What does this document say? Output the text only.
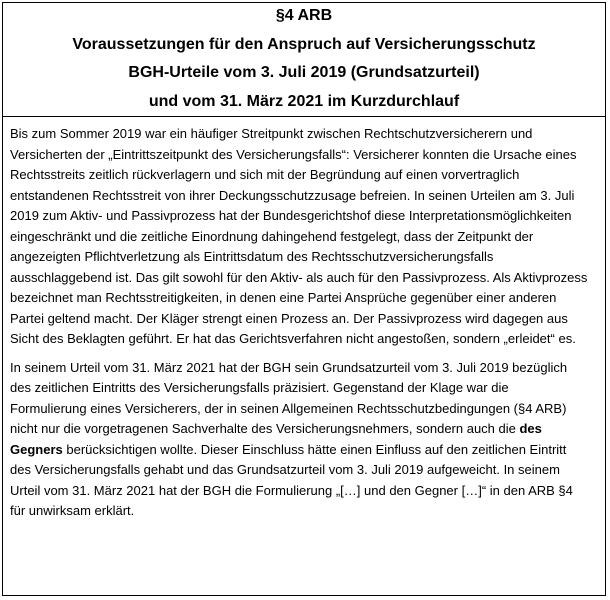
§4 ARB
Voraussetzungen für den Anspruch auf Versicherungsschutz
BGH-Urteile vom 3. Juli 2019 (Grundsatzurteil)
und vom 31. März 2021 im Kurzdurchlauf

Bis zum Sommer 2019 war ein häufiger Streitpunkt zwischen Rechtschutzversicherern und
Versicherten der „Eintrittszeitpunkt des Versicherungsfalls“: Versicherer konnten die Ursache eines
Rechtsstreits zeitlich rückverlagern und sich mit der Begründung auf einen vorvertraglich
entstandenen Rechtsstreit von ihrer Deckungsschutzzusage befreien. In seinen Urteilen am 3. Juli
2019 zum Aktiv- und Passivprozess hat der Bundesgerichtshof diese Interpretationsmöglichkeiten
eingeschränkt und die zeitliche Einordnung dahingehend festgelegt, dass der Zeitpunkt der
angezeigten Pflichtverletzung als Eintrittsdatum des Rechtsschutzversicherungsfalls
ausschlaggebend ist. Das gilt sowohl für den Aktiv- als auch für den Passivprozess. Als Aktivprozess
bezeichnet man Rechtsstreitigkeiten, in denen eine Partei Ansprüche gegenüber einer anderen
Partei geltend macht. Der Kläger strengt einen Prozess an. Der Passivprozess wird dagegen aus
Sicht des Beklagten geführt. Er hat das Gerichtsverfahren nicht angestoßen, sondern „erleidet“ es.

In seinem Urteil vom 31. März 2021 hat der BGH sein Grundsatzurteil vom 3. Juli 2019 bezüglich
des zeitlichen Eintritts des Versicherungsfalls präzisiert. Gegenstand der Klage war die
Formulierung eines Versicherers, der in seinen Allgemeinen Rechtsschutzbedingungen (§4 ARB)
nicht nur die vorgetragenen Sachverhalte des Versicherungsnehmers, sondern auch die des
Gegners berücksichtigen wollte. Dieser Einschluss hätte einen Einfluss auf den zeitlichen Eintritt
des Versicherungsfalls gehabt und das Grundsatzurteil vom 3. Juli 2019 aufgeweicht. In seinem
Urteil vom 31. März 2021 hat der BGH die Formulierung „[…] und den Gegner […]“ in den ARB §4
für unwirksam erklärt.
